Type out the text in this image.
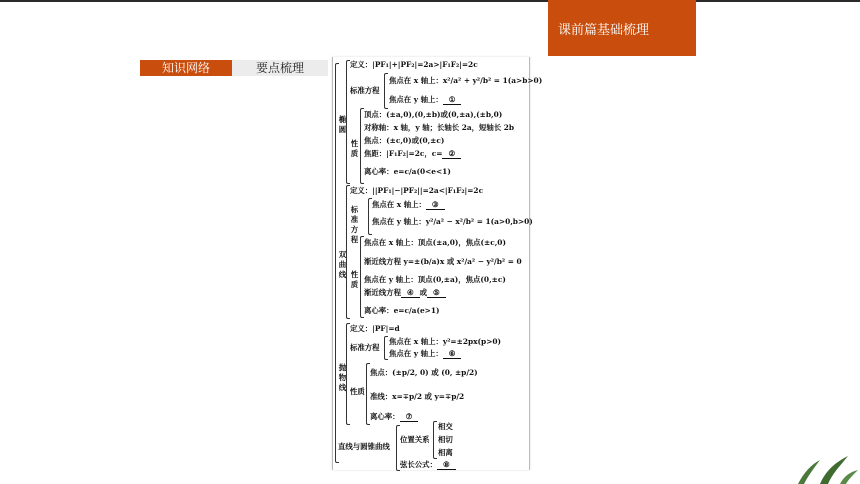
课前篇基础梳理
知识网络	要点梳理
椭圆
定义：|PF₁|+|PF₂|=2a>|F₁F₂|=2c
标准方程
焦点在 x 轴上：x²/a² + y²/b² = 1(a>b>0)
焦点在 y 轴上： ①
性质
顶点：(±a,0),(0,±b)或(0,±a),(±b,0)
对称轴：x 轴，y 轴；长轴长 2a，短轴长 2b
焦点：(±c,0)或(0,±c)
焦距：|F₁F₂|=2c，c= ②
离心率：e=c/a(0<e<1)
双曲线
定义：||PF₁|−|PF₂||=2a<|F₁F₂|=2c
标准方程
焦点在 x 轴上： ③
焦点在 y 轴上：y²/a² − x²/b² = 1(a>0,b>0)
性质
焦点在 x 轴上：顶点(±a,0)，焦点(±c,0)
渐近线方程 y=±(b/a)x 或 x²/a² − y²/b² = 0
焦点在 y 轴上：顶点(0,±a)，焦点(0,±c)
渐近线方程 ④ 或 ⑤
离心率：e=c/a(e>1)
抛物线
定义：|PF|=d
标准方程
焦点在 x 轴上：y²=±2px(p>0)
焦点在 y 轴上： ⑥
性质
焦点：(±p/2, 0) 或 (0, ±p/2)
准线：x=∓p/2 或 y=∓p/2
离心率： ⑦
直线与圆锥曲线
位置关系
相交
相切
相离
弦长公式： ⑧
